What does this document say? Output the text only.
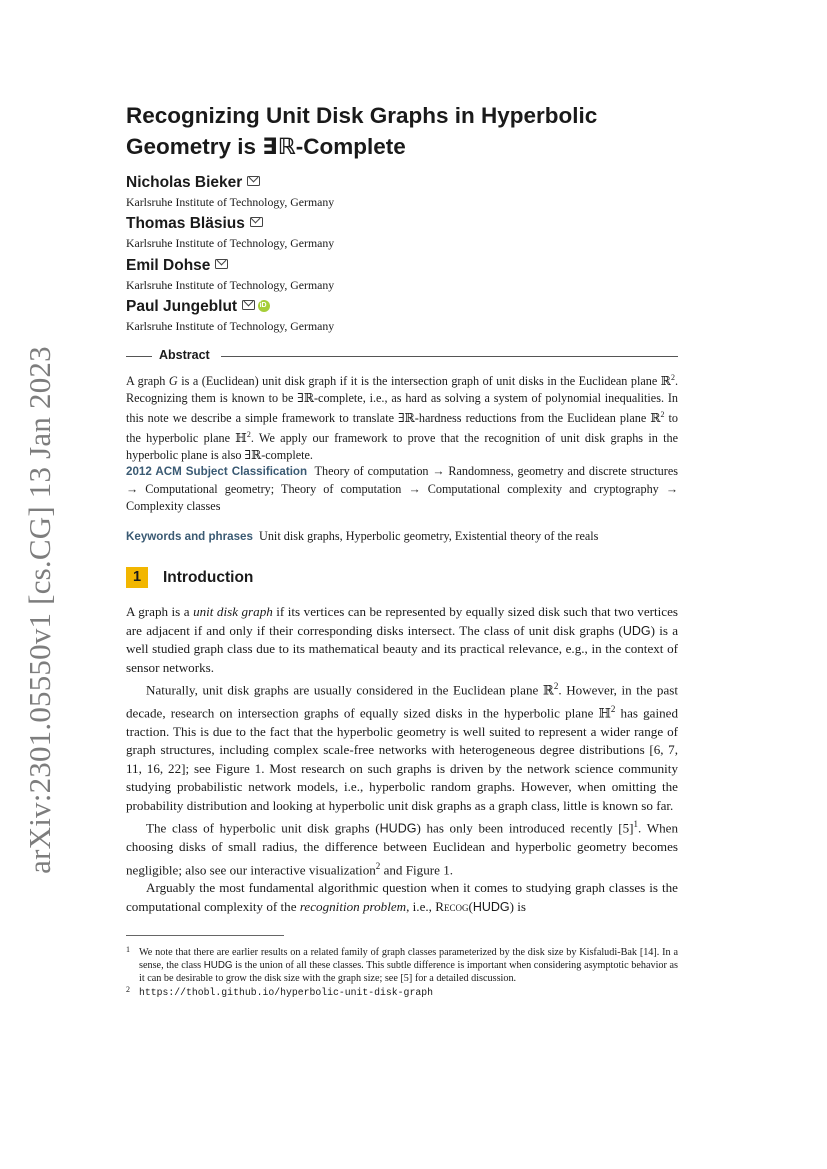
arXiv:2301.05550v1 [cs.CG] 13 Jan 2023
Recognizing Unit Disk Graphs in Hyperbolic
Geometry is ∃ℝ-Complete
Nicholas Bieker
Karlsruhe Institute of Technology, Germany
Thomas Bläsius
Karlsruhe Institute of Technology, Germany
Emil Dohse
Karlsruhe Institute of Technology, Germany
Paul JungeblutiD
Karlsruhe Institute of Technology, Germany
Abstract
A graph G is a (Euclidean) unit disk graph if it is the intersection graph of unit disks in the Euclidean plane ℝ$^2$. Recognizing them is known to be ∃ℝ-complete, i.e., as hard as solving a system of polynomial inequalities. In this note we describe a simple framework to translate ∃ℝ-hardness reductions from the Euclidean plane ℝ$^2$ to the hyperbolic plane ℍ$^2$. We apply our framework to prove that the recognition of unit disk graphs in the hyperbolic plane is also ∃ℝ-complete.
2012 ACM Subject Classification Theory of computation → Randomness, geometry and discrete structures → Computational geometry; Theory of computation → Computational complexity and cryptography → Complexity classes
Keywords and phrases Unit disk graphs, Hyperbolic geometry, Existential theory of the reals
1 Introduction

A graph is a unit disk graph if its vertices can be represented by equally sized disk such that two vertices are adjacent if and only if their corresponding disks intersect. The class of unit disk graphs (UDG) is a well studied graph class due to its mathematical beauty and its practical relevance, e.g., in the context of sensor networks.

Naturally, unit disk graphs are usually considered in the Euclidean plane ℝ$^2$. However, in the past decade, research on intersection graphs of equally sized disks in the hyperbolic plane ℍ$^2$ has gained traction. This is due to the fact that the hyperbolic geometry is well suited to represent a wider range of graph structures, including complex scale-free networks with heterogeneous degree distributions [6, 7, 11, 16, 22]; see Figure 1. Most research on such graphs is driven by the network science community studying probabilistic network models, i.e., hyperbolic random graphs. However, when omitting the probability distribution and looking at hyperbolic unit disk graphs as a graph class, little is known so far.

The class of hyperbolic unit disk graphs (HUDG) has only been introduced recently $[5]^1$. When choosing disks of small radius, the difference between Euclidean and hyperbolic geometry becomes negligible; also see our interactive visualization$^2$ and Figure 1.

Arguably the most fundamental algorithmic question when it comes to studying graph classes is the computational complexity of the recognition problem, i.e., Recog(HUDG) is

1 We note that there are earlier results on a related family of graph classes parameterized by the disk size by Kisfaludi-Bak [14]. In a sense, the class HUDG is the union of all these classes. This subtle difference is important when considering asymptotic behavior as it can be desirable to grow the disk size with the graph size; see [5] for a detailed discussion.
2 https://thobl.github.io/hyperbolic-unit-disk-graph
